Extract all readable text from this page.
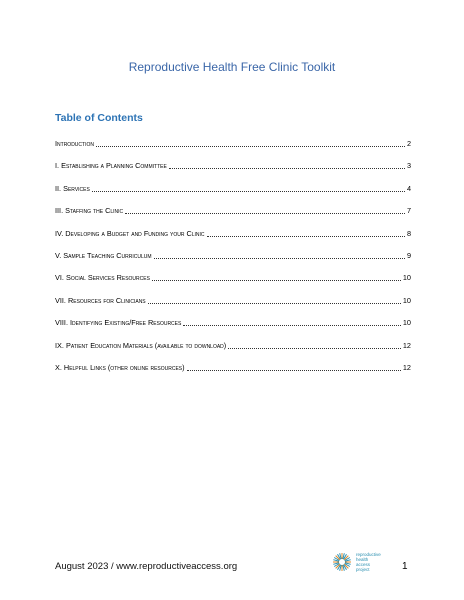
Reproductive Health Free Clinic Toolkit
Table of Contents
Introduction	2
I. Establishing a Planning Committee	3
II. Services	4
III. Staffing the Clinic	7
IV. Developing a Budget and Funding your Clinic	8
V. Sample Teaching Curriculum	9
VI. Social Services Resources	10
VII. Resources for Clinicians	10
VIII. Identifying Existing/Free Resources	10
IX. Patient Education Materials (available to download)	12
X. Helpful Links (other online resources)	12
August 2023 / www.reproductiveaccess.org
reproductive
health
access
project	1
